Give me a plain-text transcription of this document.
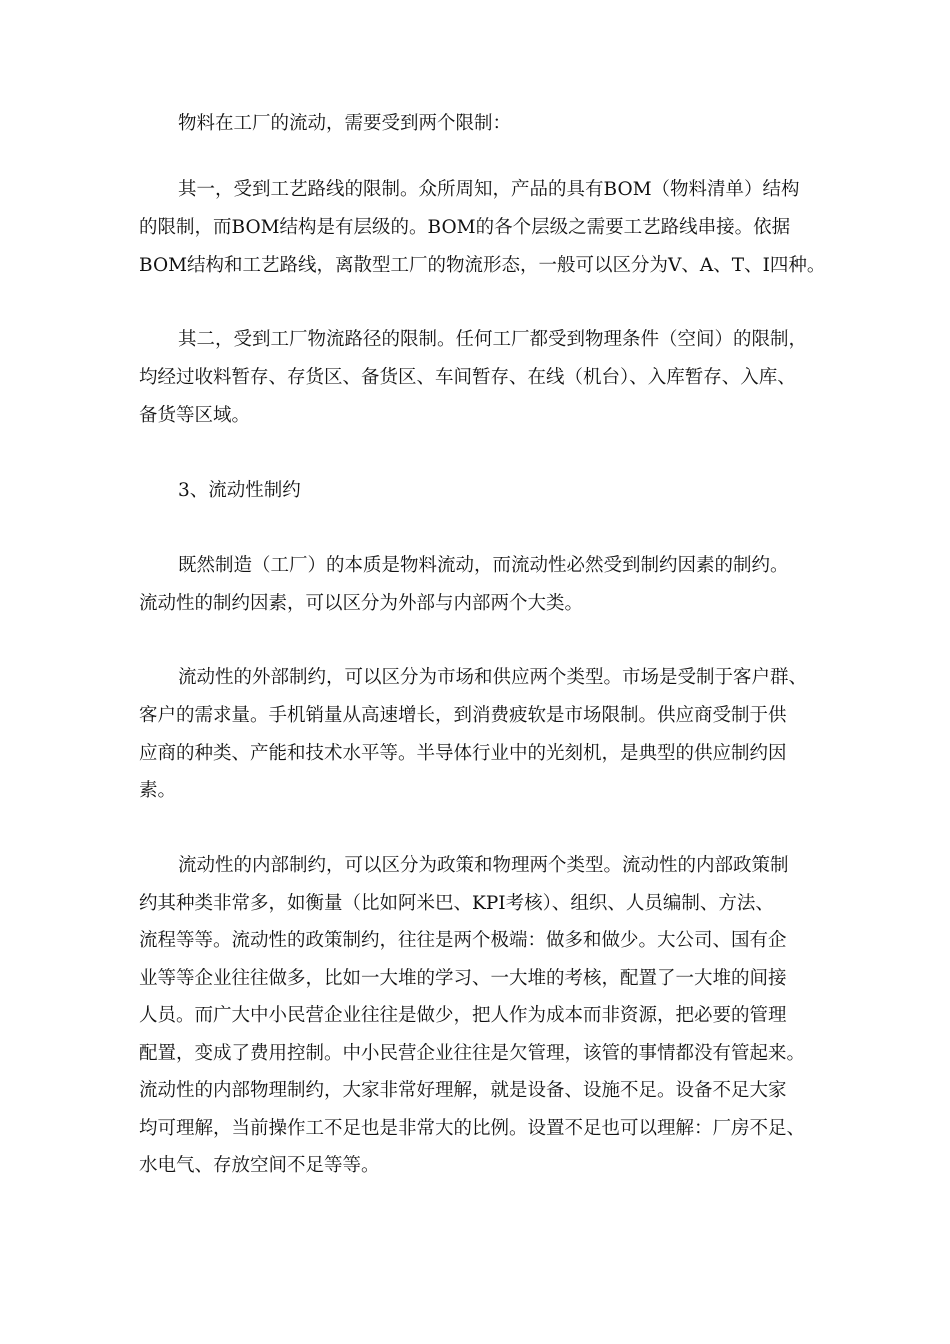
物料在工厂的流动，需要受到两个限制：
其一，受到工艺路线的限制。众所周知，产品的具有BOM（物料清单）结构
的限制，而BOM结构是有层级的。BOM的各个层级之需要工艺路线串接。依据
BOM结构和工艺路线，离散型工厂的物流形态，一般可以区分为V、A、T、I四种。
其二，受到工厂物流路径的限制。任何工厂都受到物理条件（空间）的限制，
均经过收料暂存、存货区、备货区、车间暂存、在线（机台）、入库暂存、入库、
备货等区域。
3、流动性制约
既然制造（工厂）的本质是物料流动，而流动性必然受到制约因素的制约。
流动性的制约因素，可以区分为外部与内部两个大类。
流动性的外部制约，可以区分为市场和供应两个类型。市场是受制于客户群、
客户的需求量。手机销量从高速增长，到消费疲软是市场限制。供应商受制于供
应商的种类、产能和技术水平等。半导体行业中的光刻机，是典型的供应制约因
素。
流动性的内部制约，可以区分为政策和物理两个类型。流动性的内部政策制
约其种类非常多，如衡量（比如阿米巴、KPI考核）、组织、人员编制、方法、
流程等等。流动性的政策制约，往往是两个极端：做多和做少。大公司、国有企
业等等企业往往做多，比如一大堆的学习、一大堆的考核，配置了一大堆的间接
人员。而广大中小民营企业往往是做少，把人作为成本而非资源，把必要的管理
配置，变成了费用控制。中小民营企业往往是欠管理，该管的事情都没有管起来。
流动性的内部物理制约，大家非常好理解，就是设备、设施不足。设备不足大家
均可理解，当前操作工不足也是非常大的比例。设置不足也可以理解：厂房不足、
水电气、存放空间不足等等。
